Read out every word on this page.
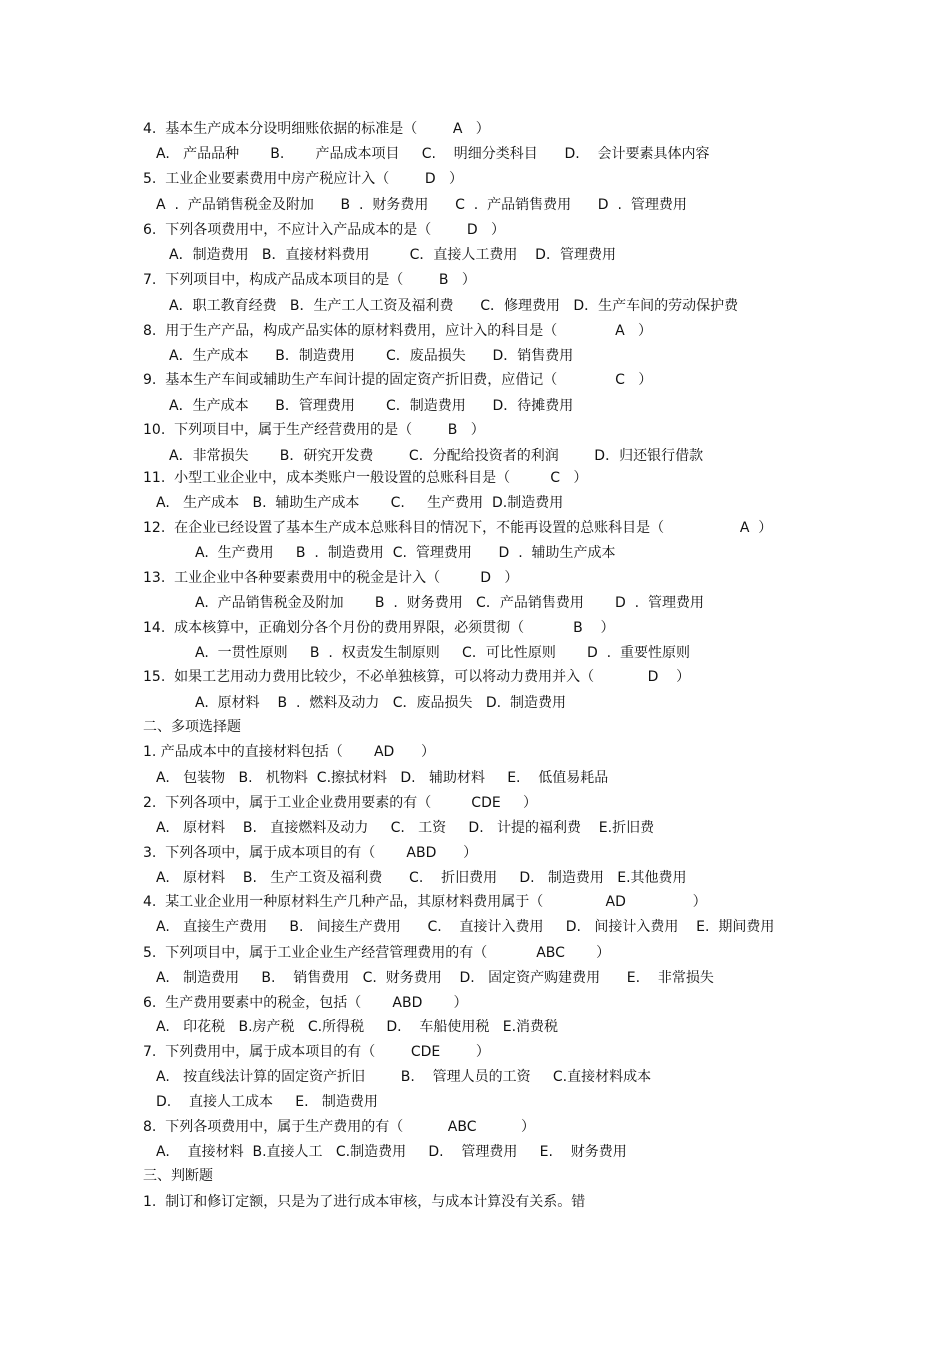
4.  基本生产成本分设明细账依据的标准是（        A   ）
A.   产品品种       B.       产品成本项目     C.    明细分类科目      D.    会计要素具体内容
5.  工业企业要素费用中房产税应计入（        D   ）
A  .  产品销售税金及附加      B  .  财务费用      C  .  产品销售费用      D  .  管理费用
6.  下列各项费用中，不应计入产品成本的是（        D   ）
A．制造费用   B．直接材料费用         C．直接人工费用    D．管理费用
7.  下列项目中，构成产品成本项目的是（        B   ）
A．职工教育经费   B．生产工人工资及福利费      C．修理费用   D．生产车间的劳动保护费
8.  用于生产产品，构成产品实体的原材料费用，应计入的科目是（             A   ）
A．生产成本      B．制造费用       C．废品损失      D．销售费用
9.  基本生产车间或辅助生产车间计提的固定资产折旧费，应借记（             C   ）
A．生产成本      B．管理费用       C．制造费用      D．待摊费用
10.  下列项目中，属于生产经营费用的是（        B   ）
A．非常损失       B．研究开发费        C．分配给投资者的利润        D．归还银行借款
11.  小型工业企业中，成本类账户一般设置的总账科目是（         C   ）
A.   生产成本   B.  辅助生产成本       C.     生产费用  D.制造费用
12.  在企业已经设置了基本生产成本总账科目的情况下，不能再设置的总账科目是（                 A  ）
A.  生产费用     B  .  制造费用  C.  管理费用      D  .  辅助生产成本
13.  工业企业中各种要素费用中的税金是计入（         D   ）
A.  产品销售税金及附加       B  .  财务费用   C．产品销售费用       D  .  管理费用
14.  成本核算中，正确划分各个月份的费用界限，必须贯彻（           B    ）
A.  一贯性原则     B  .  权责发生制原则     C．可比性原则       D  .  重要性原则
15.  如果工艺用动力费用比较少，不必单独核算，可以将动力费用并入（            D    ）
A.  原材料    B  .  燃料及动力   C．废品损失   D.  制造费用
二、多项选择题
1. 产品成本中的直接材料包括（       AD      ）
A.   包装物   B.   机物料  C.擦拭材料   D.   辅助材料     E.    低值易耗品
2.  下列各项中，属于工业企业费用要素的有（         CDE     ）
A.   原材料    B.   直接燃料及动力     C.   工资     D.   计提的福利费    E.折旧费
3.  下列各项中，属于成本项目的有（       ABD      ）
A.   原材料    B.   生产工资及福利费      C.    折旧费用     D.   制造费用   E.其他费用
4.  某工业企业用一种原材料生产几种产品，其原材料费用属于（              AD               ）
A.   直接生产费用     B.   间接生产费用      C.    直接计入费用     D.   间接计入费用    E.  期间费用
5.  下列项目中，属于工业企业生产经营管理费用的有（           ABC       ）
A.   制造费用     B.    销售费用   C.  财务费用    D.   固定资产购建费用      E.    非常损失
6.  生产费用要素中的税金，包括（       ABD       ）
A.   印花税   B.房产税   C.所得税     D.    车船使用税   E.消费税
7.  下列费用中，属于成本项目的有（        CDE        ）
A.   按直线法计算的固定资产折旧        B.    管理人员的工资     C.直接材料成本
D.    直接人工成本     E.   制造费用
8.  下列各项费用中，属于生产费用的有（          ABC          ）
A.    直接材料  B.直接人工   C.制造费用     D.    管理费用     E.    财务费用
三、判断题
1.  制订和修订定额，只是为了进行成本审核，与成本计算没有关系。错
